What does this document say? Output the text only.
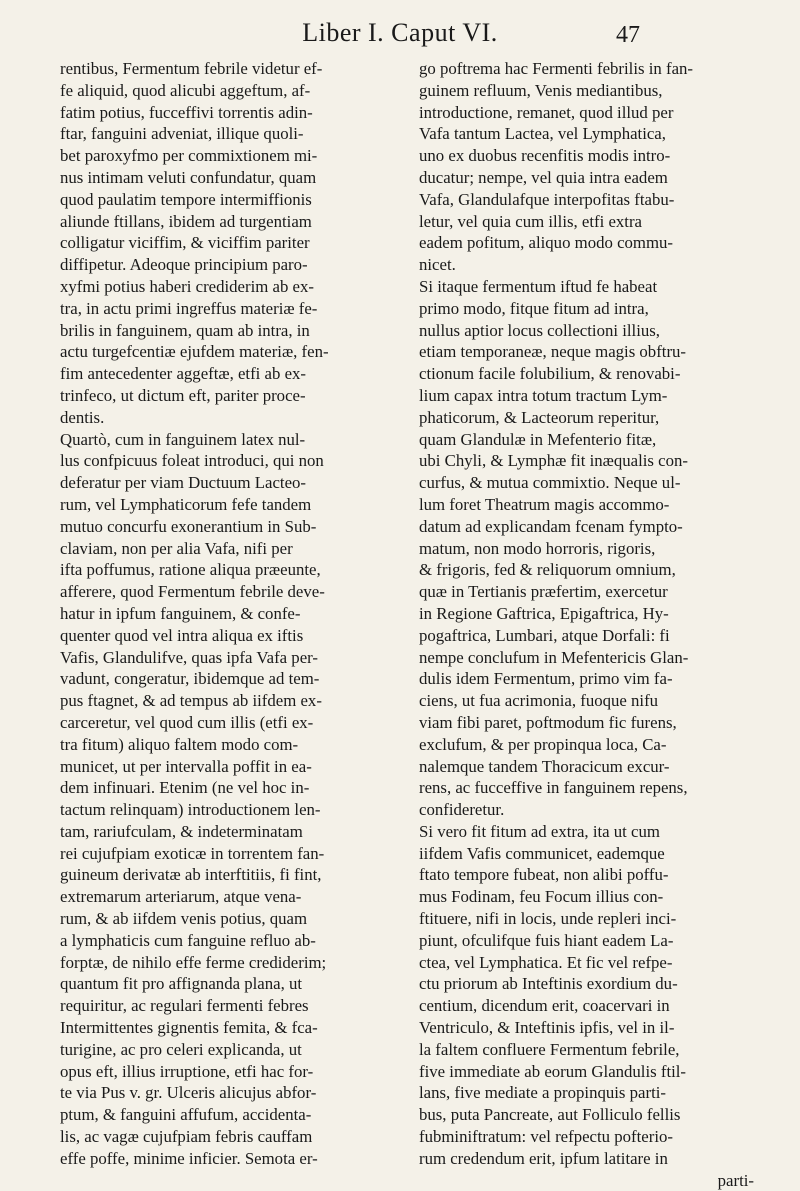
Liber I. Caput VI.	47
rentibus, Fermentum febrile videtur ef-
fe aliquid, quod alicubi aggeftum, af-
fatim potius, fucceffivi torrentis adin-
ftar, fanguini adveniat, illique quoli-
bet paroxyfmo per commixtionem mi-
nus intimam veluti confundatur, quam
quod paulatim tempore intermiffionis
aliunde ftillans, ibidem ad turgentiam
colligatur viciffim, & viciffim pariter
diffipetur. Adeoque principium paro-
xyfmi potius haberi crediderim ab ex-
tra, in actu primi ingreffus materiæ fe-
brilis in fanguinem, quam ab intra, in
actu turgefcentiæ ejufdem materiæ, fen-
fim antecedenter aggeftæ, etfi ab ex-
trinfeco, ut dictum eft, pariter proce-
dentis.
Quartò, cum in fanguinem latex nul-
lus confpicuus foleat introduci, qui non
deferatur per viam Ductuum Lacteo-
rum, vel Lymphaticorum fefe tandem
mutuo concurfu exonerantium in Sub-
claviam, non per alia Vafa, nifi per
ifta poffumus, ratione aliqua præeunte,
afferere, quod Fermentum febrile deve-
hatur in ipfum fanguinem, & confe-
quenter quod vel intra aliqua ex iftis
Vafis, Glandulifve, quas ipfa Vafa per-
vadunt, congeratur, ibidemque ad tem-
pus ftagnet, & ad tempus ab iifdem ex-
carceretur, vel quod cum illis (etfi ex-
tra fitum) aliquo faltem modo com-
municet, ut per intervalla poffit in ea-
dem infinuari. Etenim (ne vel hoc in-
tactum relinquam) introductionem len-
tam, rariufculam, & indeterminatam
rei cujufpiam exoticæ in torrentem fan-
guineum derivatæ ab interftitiis, fi fint,
extremarum arteriarum, atque vena-
rum, & ab iifdem venis potius, quam
a lymphaticis cum fanguine refluo ab-
forptæ, de nihilo effe ferme crediderim;
quantum fit pro affignanda plana, ut
requiritur, ac regulari fermenti febres
Intermittentes gignentis femita, & fca-
turigine, ac pro celeri explicanda, ut
opus eft, illius irruptione, etfi hac for-
te via Pus v. gr. Ulceris alicujus abfor-
ptum, & fanguini affufum, accidenta-
lis, ac vagæ cujufpiam febris cauffam
effe poffe, minime inficier. Semota er-
go poftrema hac Fermenti febrilis in fan-
guinem refluum, Venis mediantibus,
introductione, remanet, quod illud per
Vafa tantum Lactea, vel Lymphatica,
uno ex duobus recenfitis modis intro-
ducatur; nempe, vel quia intra eadem
Vafa, Glandulafque interpofitas ftabu-
letur, vel quia cum illis, etfi extra
eadem pofitum, aliquo modo commu-
nicet.
Si itaque fermentum iftud fe habeat
primo modo, fitque fitum ad intra,
nullus aptior locus collectioni illius,
etiam temporaneæ, neque magis obftru-
ctionum facile folubilium, & renovabi-
lium capax intra totum tractum Lym-
phaticorum, & Lacteorum reperitur,
quam Glandulæ in Mefenterio fitæ,
ubi Chyli, & Lymphæ fit inæqualis con-
curfus, & mutua commixtio. Neque ul-
lum foret Theatrum magis accommo-
datum ad explicandam fcenam fympto-
matum, non modo horroris, rigoris,
& frigoris, fed & reliquorum omnium,
quæ in Tertianis præfertim, exercetur
in Regione Gaftrica, Epigaftrica, Hy-
pogaftrica, Lumbari, atque Dorfali: fi
nempe conclufum in Mefentericis Glan-
dulis idem Fermentum, primo vim fa-
ciens, ut fua acrimonia, fuoque nifu
viam fibi paret, poftmodum fic furens,
exclufum, & per propinqua loca, Ca-
nalemque tandem Thoracicum excur-
rens, ac fucceffive in fanguinem repens,
confideretur.
Si vero fit fitum ad extra, ita ut cum
iifdem Vafis communicet, eademque
ftato tempore fubeat, non alibi poffu-
mus Fodinam, feu Focum illius con-
ftituere, nifi in locis, unde repleri inci-
piunt, ofculifque fuis hiant eadem La-
ctea, vel Lymphatica. Et fic vel refpe-
ctu priorum ab Inteftinis exordium du-
centium, dicendum erit, coacervari in
Ventriculo, & Inteftinis ipfis, vel in il-
la faltem confluere Fermentum febrile,
five immediate ab eorum Glandulis ftil-
lans, five mediate a propinquis parti-
bus, puta Pancreate, aut Folliculo fellis
fubminiftratum: vel refpectu pofterio-
rum credendum erit, ipfum latitare in
parti-
